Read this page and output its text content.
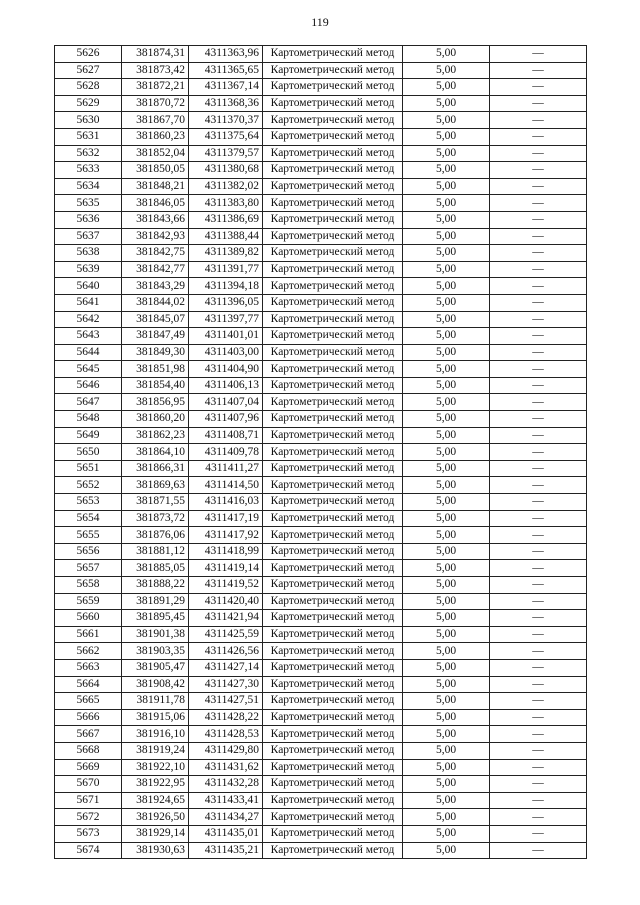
119
5626	381874,31	4311363,96	Картометрический метод	5,00	—
5627	381873,42	4311365,65	Картометрический метод	5,00	—
5628	381872,21	4311367,14	Картометрический метод	5,00	—
5629	381870,72	4311368,36	Картометрический метод	5,00	—
5630	381867,70	4311370,37	Картометрический метод	5,00	—
5631	381860,23	4311375,64	Картометрический метод	5,00	—
5632	381852,04	4311379,57	Картометрический метод	5,00	—
5633	381850,05	4311380,68	Картометрический метод	5,00	—
5634	381848,21	4311382,02	Картометрический метод	5,00	—
5635	381846,05	4311383,80	Картометрический метод	5,00	—
5636	381843,66	4311386,69	Картометрический метод	5,00	—
5637	381842,93	4311388,44	Картометрический метод	5,00	—
5638	381842,75	4311389,82	Картометрический метод	5,00	—
5639	381842,77	4311391,77	Картометрический метод	5,00	—
5640	381843,29	4311394,18	Картометрический метод	5,00	—
5641	381844,02	4311396,05	Картометрический метод	5,00	—
5642	381845,07	4311397,77	Картометрический метод	5,00	—
5643	381847,49	4311401,01	Картометрический метод	5,00	—
5644	381849,30	4311403,00	Картометрический метод	5,00	—
5645	381851,98	4311404,90	Картометрический метод	5,00	—
5646	381854,40	4311406,13	Картометрический метод	5,00	—
5647	381856,95	4311407,04	Картометрический метод	5,00	—
5648	381860,20	4311407,96	Картометрический метод	5,00	—
5649	381862,23	4311408,71	Картометрический метод	5,00	—
5650	381864,10	4311409,78	Картометрический метод	5,00	—
5651	381866,31	4311411,27	Картометрический метод	5,00	—
5652	381869,63	4311414,50	Картометрический метод	5,00	—
5653	381871,55	4311416,03	Картометрический метод	5,00	—
5654	381873,72	4311417,19	Картометрический метод	5,00	—
5655	381876,06	4311417,92	Картометрический метод	5,00	—
5656	381881,12	4311418,99	Картометрический метод	5,00	—
5657	381885,05	4311419,14	Картометрический метод	5,00	—
5658	381888,22	4311419,52	Картометрический метод	5,00	—
5659	381891,29	4311420,40	Картометрический метод	5,00	—
5660	381895,45	4311421,94	Картометрический метод	5,00	—
5661	381901,38	4311425,59	Картометрический метод	5,00	—
5662	381903,35	4311426,56	Картометрический метод	5,00	—
5663	381905,47	4311427,14	Картометрический метод	5,00	—
5664	381908,42	4311427,30	Картометрический метод	5,00	—
5665	381911,78	4311427,51	Картометрический метод	5,00	—
5666	381915,06	4311428,22	Картометрический метод	5,00	—
5667	381916,10	4311428,53	Картометрический метод	5,00	—
5668	381919,24	4311429,80	Картометрический метод	5,00	—
5669	381922,10	4311431,62	Картометрический метод	5,00	—
5670	381922,95	4311432,28	Картометрический метод	5,00	—
5671	381924,65	4311433,41	Картометрический метод	5,00	—
5672	381926,50	4311434,27	Картометрический метод	5,00	—
5673	381929,14	4311435,01	Картометрический метод	5,00	—
5674	381930,63	4311435,21	Картометрический метод	5,00	—
